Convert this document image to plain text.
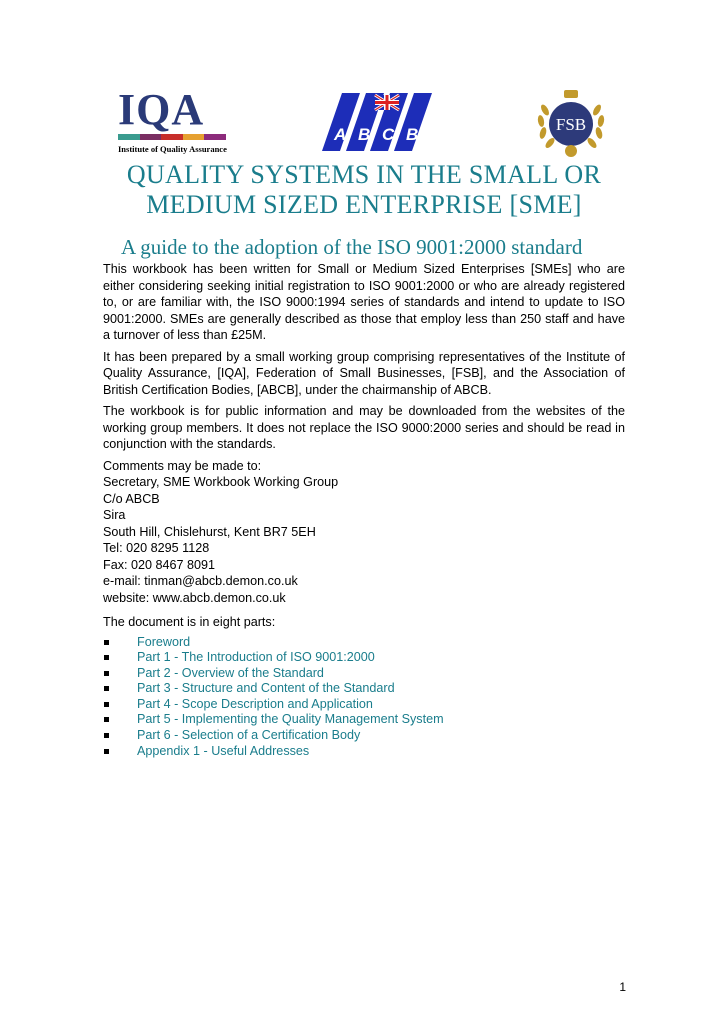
IQA
Institute of Quality Assurance
A B C B
FSB
QUALITY SYSTEMS IN THE SMALL OR MEDIUM SIZED ENTERPRISE [SME]
A guide to the adoption of the ISO 9001:2000 standard

This workbook has been written for Small or Medium Sized Enterprises [SMEs] who are either considering seeking initial registration to ISO 9001:2000 or who are already registered to, or are familiar with, the ISO 9000:1994 series of standards and intend to update to ISO 9001:2000. SMEs are generally described as those that employ less than 250 staff and have a turnover of less than £25M.

It has been prepared by a small working group comprising representatives of the Institute of Quality Assurance, [IQA], Federation of Small Businesses, [FSB], and the Association of British Certification Bodies, [ABCB], under the chairmanship of ABCB.

The workbook is for public information and may be downloaded from the websites of the working group members. It does not replace the ISO 9000:2000 series and should be read in conjunction with the standards.

Comments may be made to:
Secretary, SME Workbook Working Group
C/o ABCB
Sira
South Hill, Chislehurst, Kent BR7 5EH
Tel: 020 8295 1128
Fax: 020 8467 8091
e-mail: tinman@abcb.demon.co.uk
website: www.abcb.demon.co.uk

The document is in eight parts:

Foreword
Part 1 - The Introduction of ISO 9001:2000
Part 2 - Overview of the Standard
Part 3 - Structure and Content of the Standard
Part 4 - Scope Description and Application
Part 5 - Implementing the Quality Management System
Part 6 - Selection of a Certification Body
Appendix 1 - Useful Addresses
1
